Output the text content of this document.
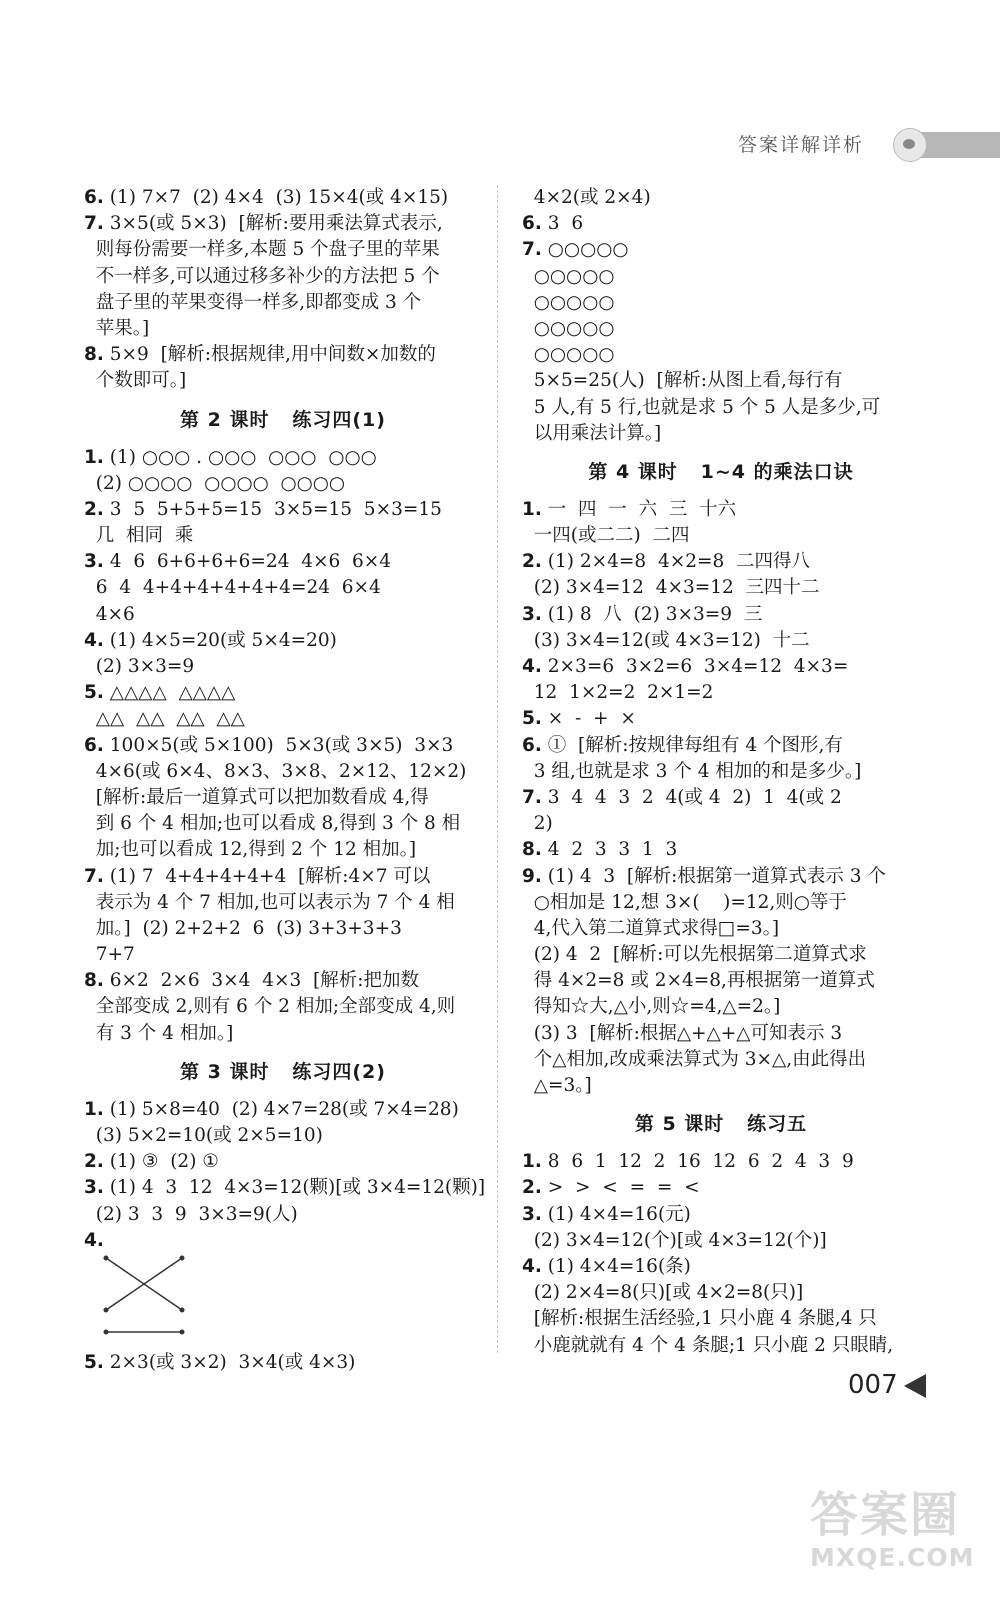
答案详解详析
6. (1) 7×7  (2) 4×4  (3) 15×4(或 4×15)
7. 3×5(或 5×3)  [解析:要用乘法算式表示,
则每份需要一样多,本题 5 个盘子里的苹果
不一样多,可以通过移多补少的方法把 5 个
盘子里的苹果变得一样多,即都变成 3 个
苹果。]
8. 5×9  [解析:根据规律,用中间数×加数的
个数即可。]
第 2 课时   练习四(1)
1. (1) ○○○ . ○○○  ○○○  ○○○
(2) ○○○○  ○○○○  ○○○○
2. 3  5  5+5+5=15  3×5=15  5×3=15
几  相同  乘
3. 4  6  6+6+6+6=24  4×6  6×4
6  4  4+4+4+4+4+4=24  6×4
4×6
4. (1) 4×5=20(或 5×4=20)
(2) 3×3=9
5. △△△△  △△△△
△△  △△  △△  △△
6. 100×5(或 5×100)  5×3(或 3×5)  3×3
4×6(或 6×4、8×3、3×8、2×12、12×2)
[解析:最后一道算式可以把加数看成 4,得
到 6 个 4 相加;也可以看成 8,得到 3 个 8 相
加;也可以看成 12,得到 2 个 12 相加。]
7. (1) 7  4+4+4+4+4  [解析:4×7 可以
表示为 4 个 7 相加,也可以表示为 7 个 4 相
加。]  (2) 2+2+2  6  (3) 3+3+3+3
7+7
8. 6×2  2×6  3×4  4×3  [解析:把加数
全部变成 2,则有 6 个 2 相加;全部变成 4,则
有 3 个 4 相加。]
第 3 课时   练习四(2)
1. (1) 5×8=40  (2) 4×7=28(或 7×4=28)
(3) 5×2=10(或 2×5=10)
2. (1) ③  (2) ①
3. (1) 4  3  12  4×3=12(颗)[或 3×4=12(颗)]
(2) 3  3  9  3×3=9(人)
4.
5. 2×3(或 3×2)  3×4(或 4×3)
4×2(或 2×4)
6. 3  6
7. ○○○○○
○○○○○
○○○○○
○○○○○
○○○○○
5×5=25(人)  [解析:从图上看,每行有
5 人,有 5 行,也就是求 5 个 5 人是多少,可
以用乘法计算。]
第 4 课时   1~4 的乘法口诀
1. 一  四  一  六  三  十六
一四(或二二)  二四
2. (1) 2×4=8  4×2=8  二四得八
(2) 3×4=12  4×3=12  三四十二
3. (1) 8  八  (2) 3×3=9  三
(3) 3×4=12(或 4×3=12)  十二
4. 2×3=6  3×2=6  3×4=12  4×3=
12  1×2=2  2×1=2
5. ×  -  +  ×
6. ①  [解析:按规律每组有 4 个图形,有
3 组,也就是求 3 个 4 相加的和是多少。]
7. 3  4  4  3  2  4(或 4  2)  1  4(或 2
2)
8. 4  2  3  3  1  3
9. (1) 4  3  [解析:根据第一道算式表示 3 个
○相加是 12,想 3×(    )=12,则○等于
4,代入第二道算式求得□=3。]
(2) 4  2  [解析:可以先根据第二道算式求
得 4×2=8 或 2×4=8,再根据第一道算式
得知☆大,△小,则☆=4,△=2。]
(3) 3  [解析:根据△+△+△可知表示 3
个△相加,改成乘法算式为 3×△,由此得出
△=3。]
第 5 课时   练习五
1. 8  6  1  12  2  16  12  6  2  4  3  9
2. >  >  <  =  =  <
3. (1) 4×4=16(元)
(2) 3×4=12(个)[或 4×3=12(个)]
4. (1) 4×4=16(条)
(2) 2×4=8(只)[或 4×2=8(只)]
[解析:根据生活经验,1 只小鹿 4 条腿,4 只
小鹿就就有 4 个 4 条腿;1 只小鹿 2 只眼睛,
007
答案圈
MXQE.COM
